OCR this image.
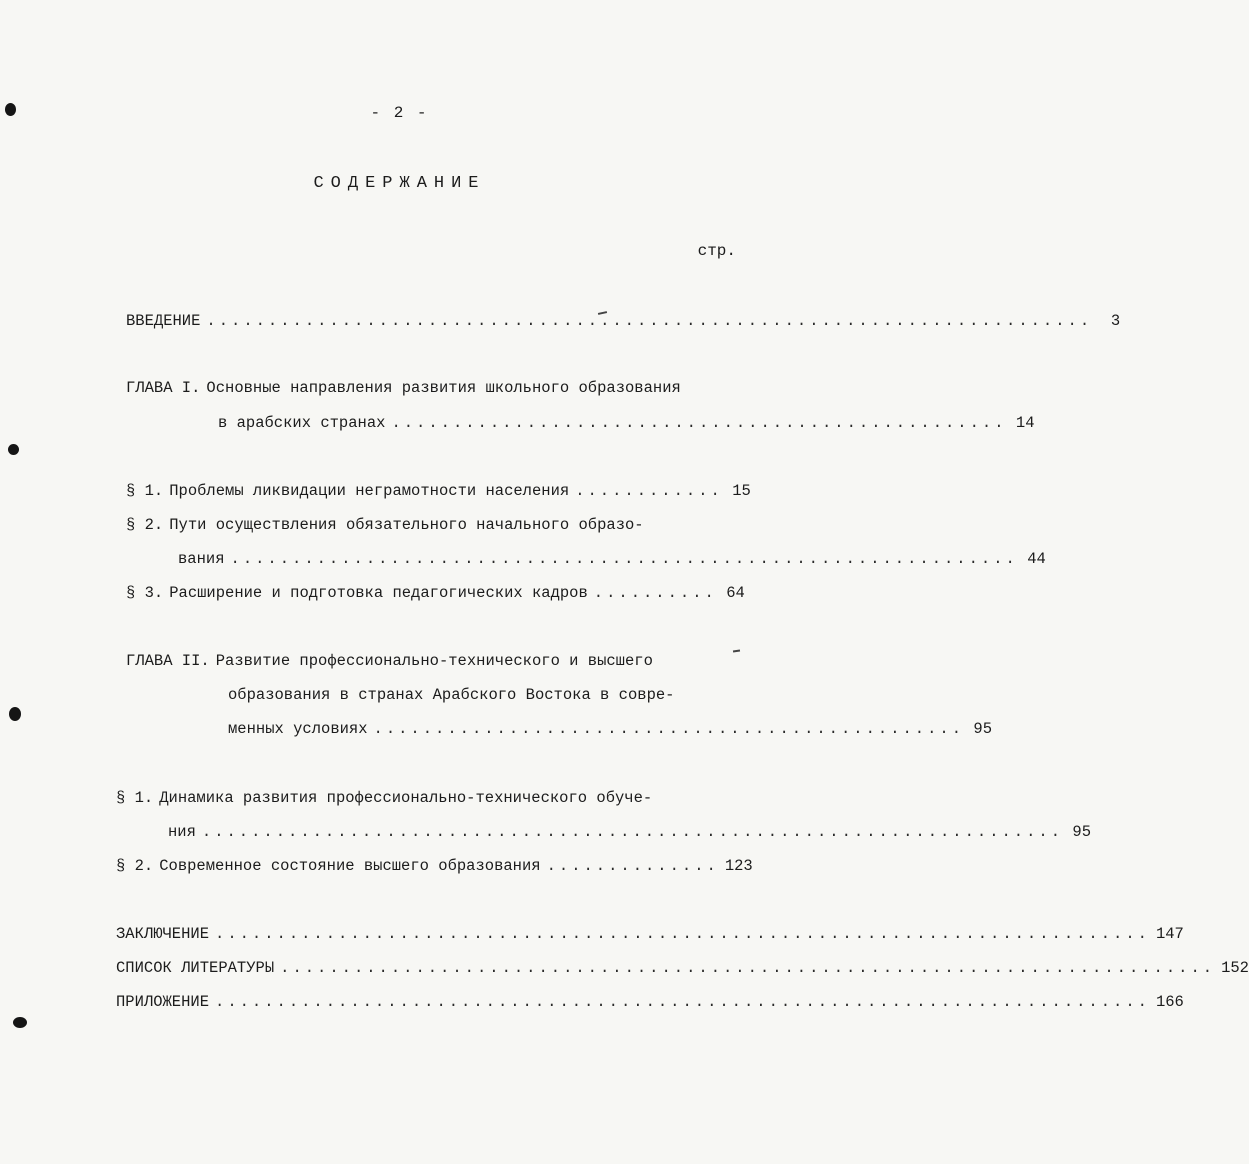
- 2 -
СОДЕРЖАНИЕ
стр.
ВВЕДЕНИЕ ........................................................................	3
ГЛАВА I. Основные направления развития школьного образования
в арабских странах .................................................. 14
§ 1. Проблемы ликвидации неграмотности населения ............ 15
§ 2. Пути осуществления обязательного начального образо-
вания ................................................................ 44
§ 3. Расширение и подготовка педагогических кадров .......... 64
ГЛАВА II. Развитие профессионально-технического и высшего
образования в странах Арабского Востока в совре-
менных условиях ................................................ 95
§ 1. Динамика развития профессионально-технического обуче-
ния ...................................................................... 95
§ 2. Современное состояние высшего образования .............. 123
ЗАКЛЮЧЕНИЕ ............................................................................ 147
СПИСОК ЛИТЕРАТУРЫ ............................................................................ 152
ПРИЛОЖЕНИЕ ............................................................................ 166
